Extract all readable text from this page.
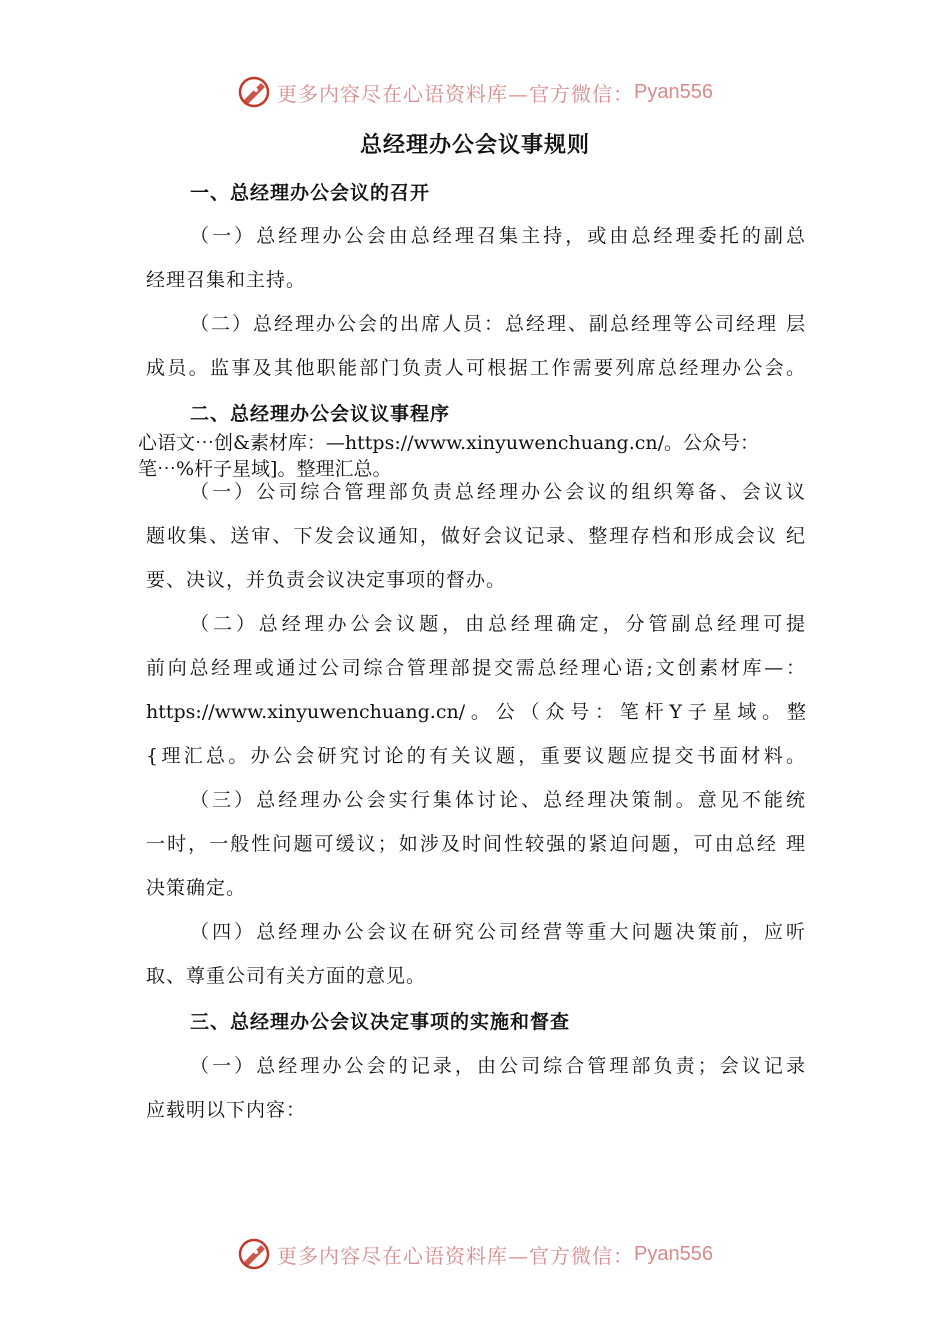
更多内容尽在心语资料库—官方微信： Pyan556
总经理办公会议事规则
一、总经理办公会议的召开
（一）总经理办公会由总经理召集主持，或由总经理委托的副总
经理召集和主持。
（二）总经理办公会的出席人员：总经理、副总经理等公司经理 层
成员。监事及其他职能部门负责人可根据工作需要列席总经理办公会。
二、总经理办公会议议事程序
心语文⋯创&素材库：—https://www.xinyuwenchuang.cn/。公众号：
笔⋯%杆子星域]。整理汇总。
（一）公司综合管理部负责总经理办公会议的组织筹备、会议议
题收集、送审、下发会议通知，做好会议记录、整理存档和形成会议 纪
要、决议，并负责会议决定事项的督办。
（二）总经理办公会议题，由总经理确定，分管副总经理可提
前向总经理或通过公司综合管理部提交需总经理心语;文创素材库—：
https://www.xinyuwenchuang.cn/。公（众号：笔杆Y子星域。整
{理汇总。办公会研究讨论的有关议题，重要议题应提交书面材料。
（三）总经理办公会实行集体讨论、总经理决策制。意见不能统
一时，一般性问题可缓议；如涉及时间性较强的紧迫问题，可由总经 理
决策确定。
（四）总经理办公会议在研究公司经营等重大问题决策前，应听
取、尊重公司有关方面的意见。
三、总经理办公会议决定事项的实施和督查
（一）总经理办公会的记录，由公司综合管理部负责；会议记录
应载明以下内容：
更多内容尽在心语资料库—官方微信： Pyan556
